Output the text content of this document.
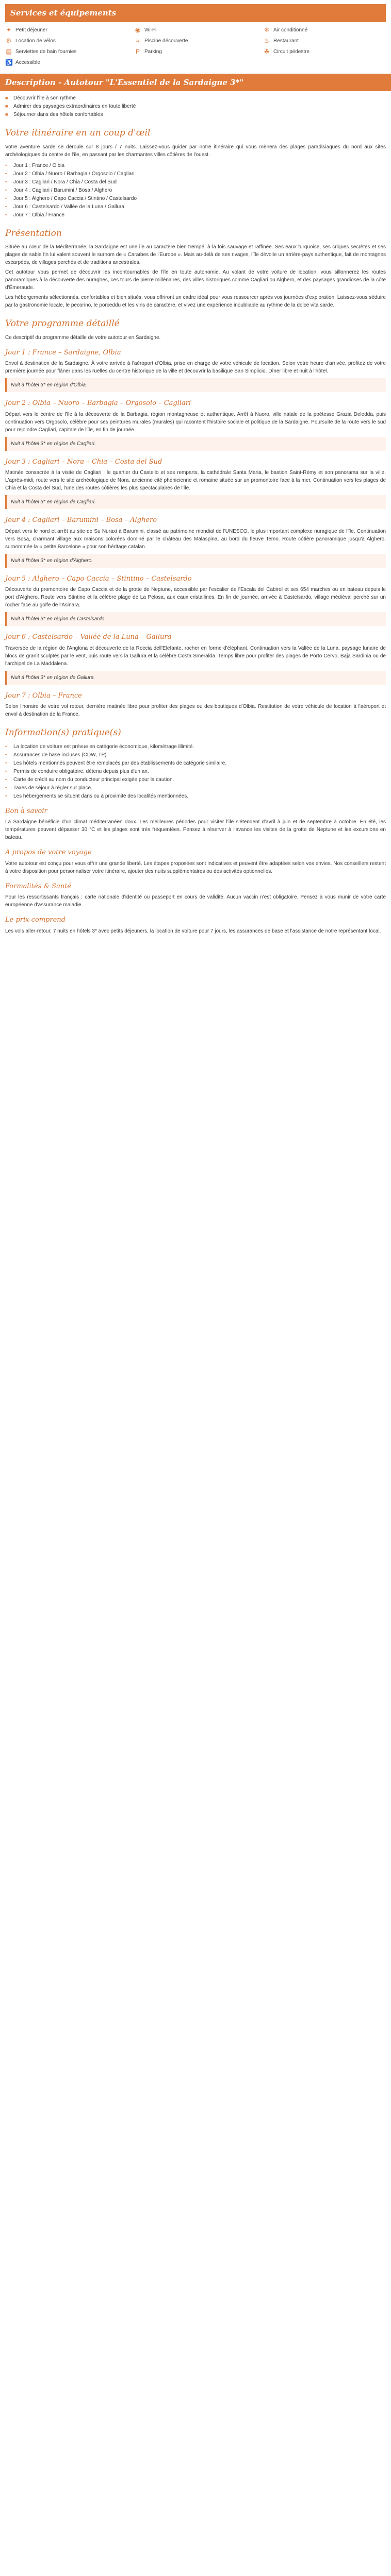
Services et équipements
✦ Petit déjeuner	◉ Wi-Fi	❄ Air conditionné
⚙ Location de vélos	≈ Piscine découverte	♨ Restaurant
▤ Serviettes de bain fournies	P Parking	☘ Circuit pédestre
♿ Accessible
Description - Autotour "L'Essentiel de la Sardaigne 3*"
■	Découvrir l'île à son rythme
■	Admirer des paysages extraordinaires en toute liberté
■	Séjourner dans des hôtels confortables
Votre itinéraire en un coup d'œil

Votre aventure sarde se déroule sur 8 jours / 7 nuits. Laissez-vous guider par notre itinéraire qui vous mènera des plages paradisiaques du nord aux sites archéologiques du centre de l'île, en passant par les charmantes villes côtières de l'ouest.

•	Jour 1 : France / Olbia
•	Jour 2 : Olbia / Nuoro / Barbagia / Orgosolo / Cagliari
•	Jour 3 : Cagliari / Nora / Chia / Costa del Sud
•	Jour 4 : Cagliari / Barumini / Bosa / Alghero
•	Jour 5 : Alghero / Capo Caccia / Stintino / Castelsardo
•	Jour 6 : Castelsardo / Vallée de la Luna / Gallura
•	Jour 7 : Olbia / France
Présentation

Située au cœur de la Méditerranée, la Sardaigne est une île au caractère bien trempé, à la fois sauvage et raffinée. Ses eaux turquoise, ses criques secrètes et ses plages de sable fin lui valent souvent le surnom de « Caraïbes de l'Europe ». Mais au-delà de ses rivages, l'île dévoile un arrière-pays authentique, fait de montagnes escarpées, de villages perchés et de traditions ancestrales.

Cet autotour vous permet de découvrir les incontournables de l'île en toute autonomie. Au volant de votre voiture de location, vous sillonnerez les routes panoramiques à la découverte des nuraghes, ces tours de pierre millénaires, des villes historiques comme Cagliari ou Alghero, et des paysages grandioses de la côte d'Émeraude.

Les hébergements sélectionnés, confortables et bien situés, vous offriront un cadre idéal pour vous ressourcer après vos journées d'exploration. Laissez-vous séduire par la gastronomie locale, le pecorino, le porceddu et les vins de caractère, et vivez une expérience inoubliable au rythme de la dolce vita sarde.

Votre programme détaillé

Ce descriptif du programme détaille de votre autotour en Sardaigne.

Jour 1 : France – Sardaigne, Olbia

Envol à destination de la Sardaigne. À votre arrivée à l'aéroport d'Olbia, prise en charge de votre véhicule de location. Selon votre heure d'arrivée, profitez de votre première journée pour flâner dans les ruelles du centre historique de la ville et découvrir la basilique San Simplicio. Dîner libre et nuit à l'hôtel.

Nuit à l'hôtel 3* en région d'Olbia.
Jour 2 : Olbia – Nuoro – Barbagia – Orgosolo – Cagliari

Départ vers le centre de l'île à la découverte de la Barbagia, région montagneuse et authentique. Arrêt à Nuoro, ville natale de la poétesse Grazia Deledda, puis continuation vers Orgosolo, célèbre pour ses peintures murales (murales) qui racontent l'histoire sociale et politique de la Sardaigne. Poursuite de la route vers le sud pour rejoindre Cagliari, capitale de l'île, en fin de journée.

Nuit à l'hôtel 3* en région de Cagliari.
Jour 3 : Cagliari – Nora – Chia – Costa del Sud

Matinée consacrée à la visite de Cagliari : le quartier du Castello et ses remparts, la cathédrale Santa Maria, le bastion Saint-Rémy et son panorama sur la ville. L'après-midi, route vers le site archéologique de Nora, ancienne cité phénicienne et romaine située sur un promontoire face à la mer. Continuation vers les plages de Chia et la Costa del Sud, l'une des routes côtières les plus spectaculaires de l'île.

Nuit à l'hôtel 3* en région de Cagliari.
Jour 4 : Cagliari – Barumini – Bosa – Alghero

Départ vers le nord et arrêt au site de Su Nuraxi à Barumini, classé au patrimoine mondial de l'UNESCO, le plus important complexe nuragique de l'île. Continuation vers Bosa, charmant village aux maisons colorées dominé par le château des Malaspina, au bord du fleuve Temo. Route côtière panoramique jusqu'à Alghero, surnommée la « petite Barcelone » pour son héritage catalan.

Nuit à l'hôtel 3* en région d'Alghero.
Jour 5 : Alghero – Capo Caccia – Stintino – Castelsardo

Découverte du promontoire de Capo Caccia et de la grotte de Neptune, accessible par l'escalier de l'Escala del Cabirol et ses 654 marches ou en bateau depuis le port d'Alghero. Route vers Stintino et la célèbre plage de La Pelosa, aux eaux cristallines. En fin de journée, arrivée à Castelsardo, village médiéval perché sur un rocher face au golfe de l'Asinara.

Nuit à l'hôtel 3* en région de Castelsardo.
Jour 6 : Castelsardo – Vallée de la Luna – Gallura

Traversée de la région de l'Anglona et découverte de la Roccia dell'Elefante, rocher en forme d'éléphant. Continuation vers la Vallée de la Luna, paysage lunaire de blocs de granit sculptés par le vent, puis route vers la Gallura et la célèbre Costa Smeralda. Temps libre pour profiter des plages de Porto Cervo, Baja Sardinia ou de l'archipel de La Maddalena.

Nuit à l'hôtel 3* en région de Gallura.
Jour 7 : Olbia – France

Selon l'horaire de votre vol retour, dernière matinée libre pour profiter des plages ou des boutiques d'Olbia. Restitution de votre véhicule de location à l'aéroport et envol à destination de la France.

Information(s) pratique(s)
•	La location de voiture est prévue en catégorie économique, kilométrage illimité.
•	Assurances de base incluses (CDW, TP).
•	Les hôtels mentionnés peuvent être remplacés par des établissements de catégorie similaire.
•	Permis de conduire obligatoire, détenu depuis plus d'un an.
•	Carte de crédit au nom du conducteur principal exigée pour la caution.
•	Taxes de séjour à régler sur place.
•	Les hébergements se situent dans ou à proximité des localités mentionnées.
Bon à savoir

La Sardaigne bénéficie d'un climat méditerranéen doux. Les meilleures périodes pour visiter l'île s'étendent d'avril à juin et de septembre à octobre. En été, les températures peuvent dépasser 30 °C et les plages sont très fréquentées. Pensez à réserver à l'avance les visites de la grotte de Neptune et les excursions en bateau.

À propos de votre voyage

Votre autotour est conçu pour vous offrir une grande liberté. Les étapes proposées sont indicatives et peuvent être adaptées selon vos envies. Nos conseillers restent à votre disposition pour personnaliser votre itinéraire, ajouter des nuits supplémentaires ou des activités optionnelles.

Formalités & Santé

Pour les ressortissants français : carte nationale d'identité ou passeport en cours de validité. Aucun vaccin n'est obligatoire. Pensez à vous munir de votre carte européenne d'assurance maladie.

Le prix comprend

Les vols aller-retour, 7 nuits en hôtels 3* avec petits déjeuners, la location de voiture pour 7 jours, les assurances de base et l'assistance de notre représentant local.
